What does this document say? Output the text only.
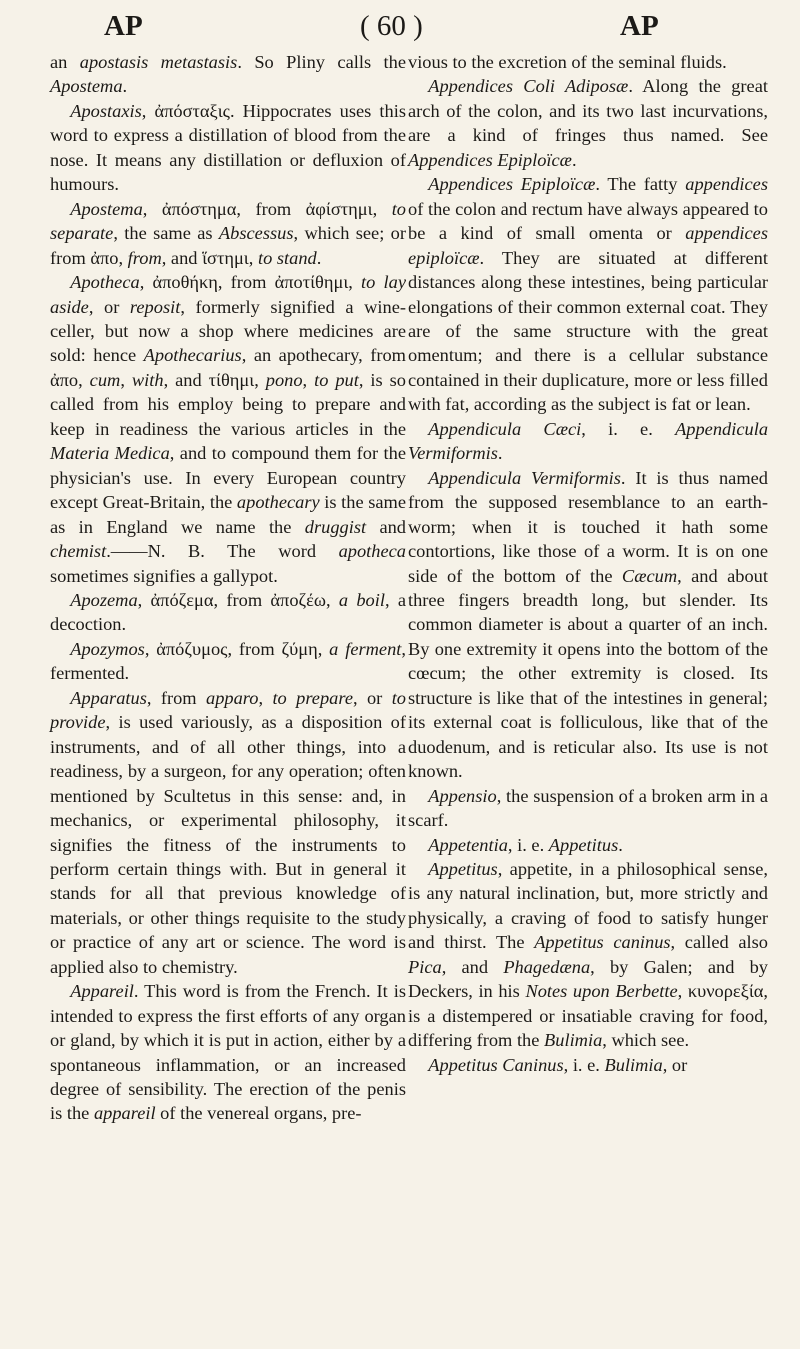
AP	( 60 )	AP

an apostasis metastasis. So Pliny calls the Apostema.

Apostaxis, ἀπόσταξις. Hippocrates uses this word to express a distillation of blood from the nose. It means any distillation or defluxion of humours.

Apostema, ἀπόστημα, from ἀφίστημι, to separate, the same as Abscessus, which see; or from ἀπο, from, and ἵστημι, to stand.

Apotheca, ἀποθήκη, from ἀποτίθημι, to lay aside, or reposit, formerly signified a wine-celler, but now a shop where medicines are sold: hence Apothecarius, an apothecary, from ἀπο, cum, with, and τίθημι, pono, to put, is so called from his employ being to prepare and keep in readiness the various articles in the Materia Medica, and to compound them for the physician's use. In every European country except Great-Britain, the apothecary is the same as in England we name the druggist and chemist.——N. B. The word apotheca sometimes signifies a gallypot.

Apozema, ἀπόζεμα, from ἀποζέω, a boil, a decoction.

Apozymos, ἀπόζυμος, from ζύμη, a ferment, fermented.

Apparatus, from apparo, to prepare, or to provide, is used variously, as a disposition of instruments, and of all other things, into a readiness, by a surgeon, for any operation; often mentioned by Scultetus in this sense: and, in mechanics, or experimental philosophy, it signifies the fitness of the instruments to perform certain things with. But in general it stands for all that previous knowledge of materials, or other things requisite to the study or practice of any art or science. The word is applied also to chemistry.

Appareil. This word is from the French. It is intended to express the first efforts of any organ or gland, by which it is put in action, either by a spontaneous inflammation, or an increased degree of sensibility. The erection of the penis is the appareil of the venereal organs, pre-

vious to the excretion of the seminal fluids.

Appendices Coli Adiposæ. Along the great arch of the colon, and its two last incurvations, are a kind of fringes thus named. See Appendices Epiploïcæ.

Appendices Epiploïcæ. The fatty appendices of the colon and rectum have always appeared to be a kind of small omenta or appendices epiploïcæ. They are situated at different distances along these intestines, being particular elongations of their common external coat. They are of the same structure with the great omentum; and there is a cellular substance contained in their duplicature, more or less filled with fat, according as the subject is fat or lean.

Appendicula Cæci, i. e. Appendicula Vermiformis.

Appendicula Vermiformis. It is thus named from the supposed resemblance to an earth-worm; when it is touched it hath some contortions, like those of a worm. It is on one side of the bottom of the Cæcum, and about three fingers breadth long, but slender. Its common diameter is about a quarter of an inch. By one extremity it opens into the bottom of the cœcum; the other extremity is closed. Its structure is like that of the intestines in general; its external coat is folliculous, like that of the duodenum, and is reticular also. Its use is not known.

Appensio, the suspension of a broken arm in a scarf.

Appetentia, i. e. Appetitus.

Appetitus, appetite, in a philosophical sense, is any natural inclination, but, more strictly and physically, a craving of food to satisfy hunger and thirst. The Appetitus caninus, called also Pica, and Phagedæna, by Galen; and by Deckers, in his Notes upon Berbette, κυνορεξία, is a distempered or insatiable craving for food, differing from the Bulimia, which see.

Appetitus Caninus, i. e. Bulimia, or
